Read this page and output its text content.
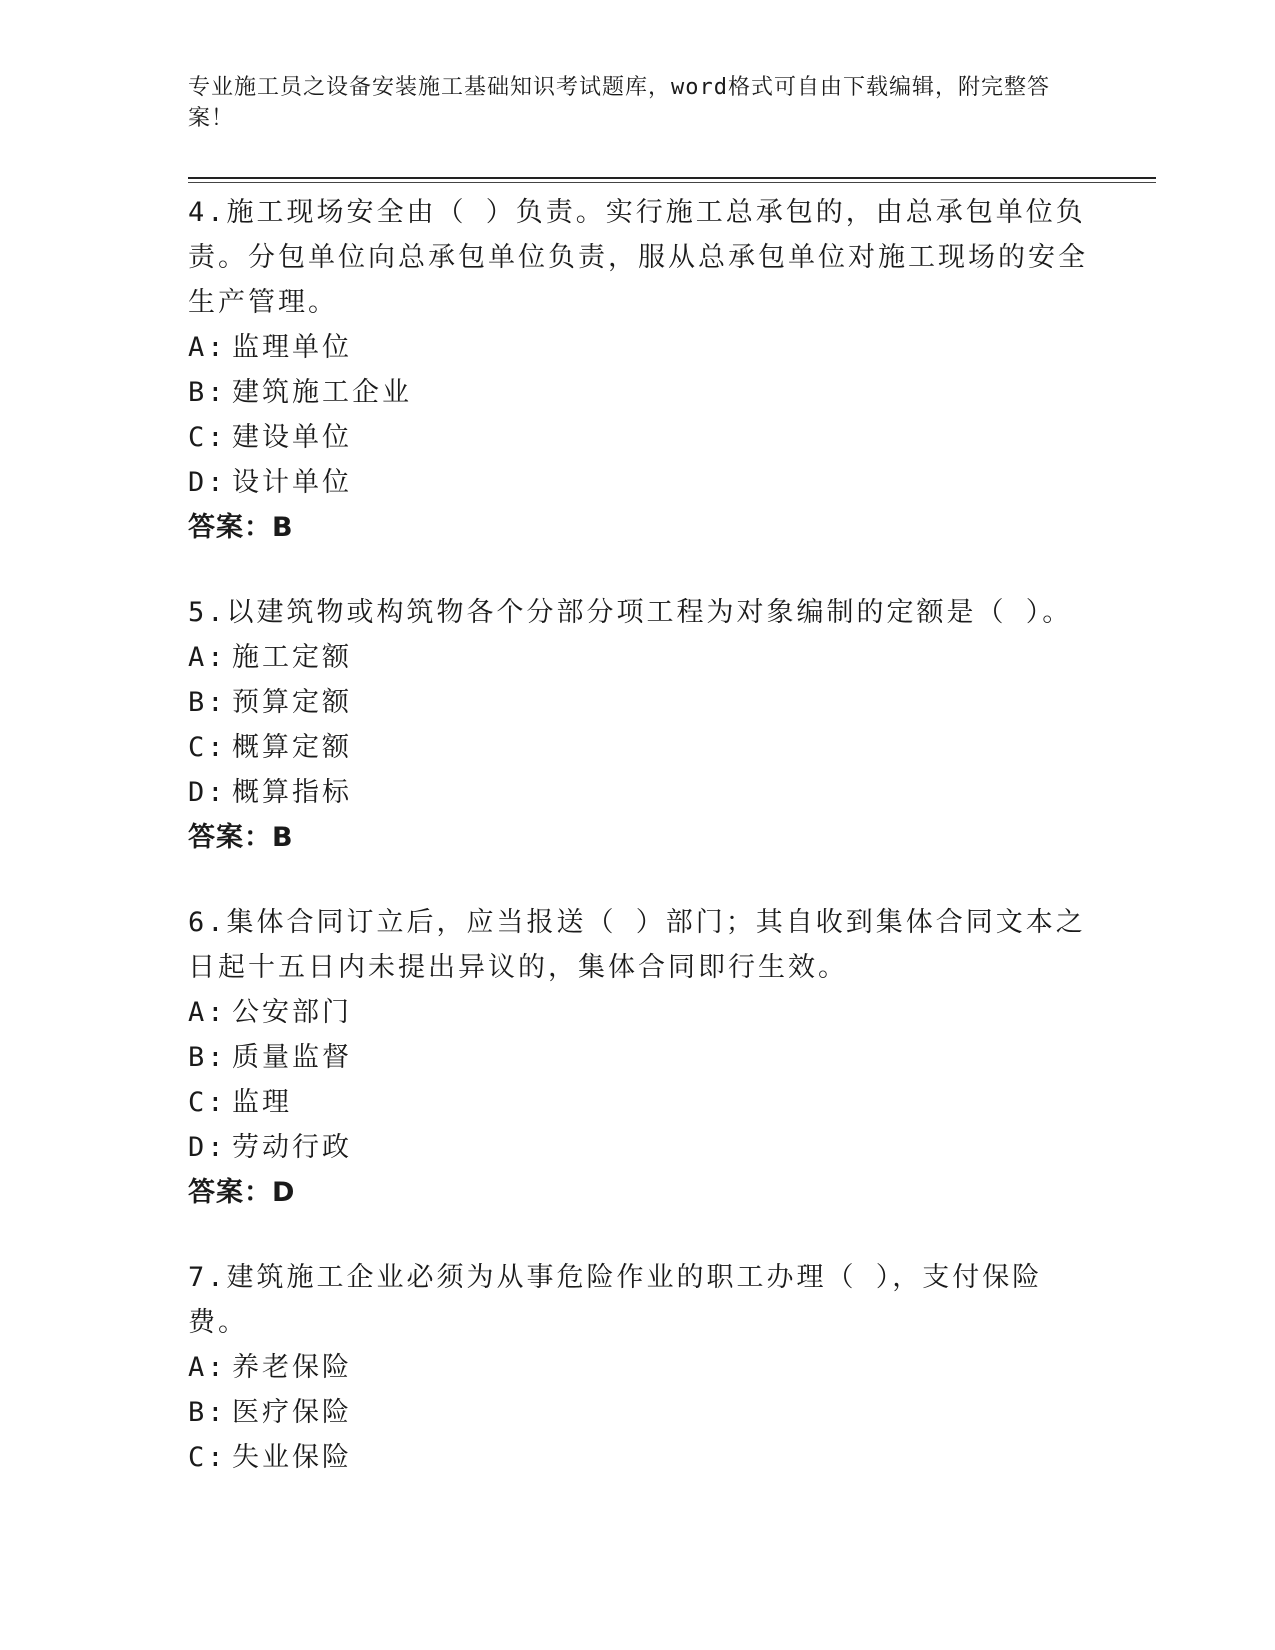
专业施工员之设备安装施工基础知识考试题库，word格式可自由下载编辑，附完整答案！

4.施工现场安全由（ ）负责。实行施工总承包的，由总承包单位负责。分包单位向总承包单位负责，服从总承包单位对施工现场的安全生产管理。

A: 监理单位
B: 建筑施工企业
C: 建设单位
D: 设计单位

答案：B

5.以建筑物或构筑物各个分部分项工程为对象编制的定额是（ ）。

A: 施工定额
B: 预算定额
C: 概算定额
D: 概算指标

答案：B

6.集体合同订立后，应当报送（ ）部门；其自收到集体合同文本之日起十五日内未提出异议的，集体合同即行生效。

A: 公安部门
B: 质量监督
C: 监理
D: 劳动行政

答案：D

7.建筑施工企业必须为从事危险作业的职工办理（ ），支付保险费。

A: 养老保险
B: 医疗保险
C: 失业保险
